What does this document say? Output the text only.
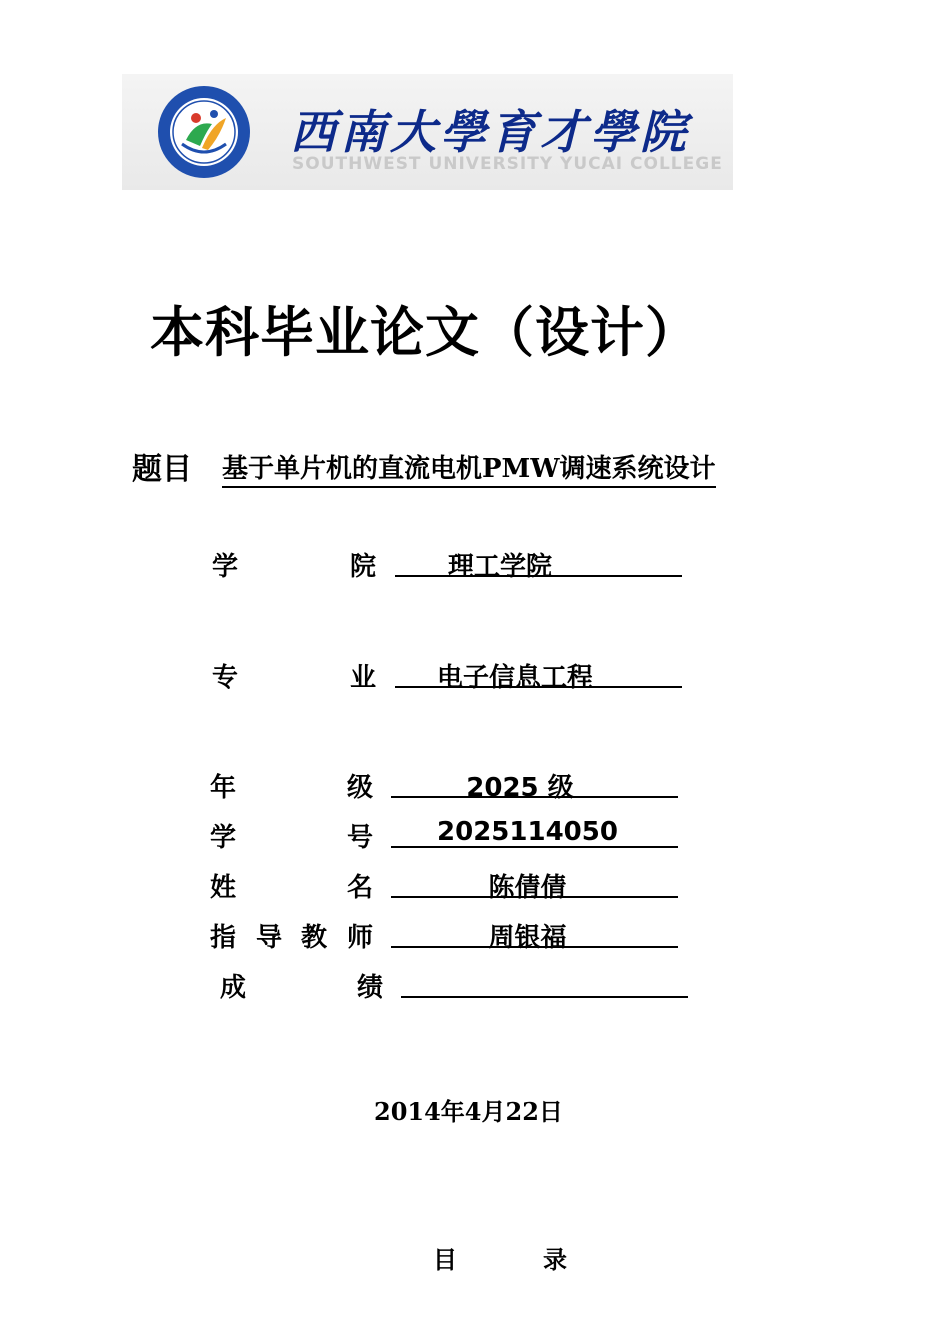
西南大學育才學院
SOUTHWEST UNIVERSITY YUCAI COLLEGE
本科毕业论文（设计）
题目 基于单片机的直流电机PMW调速系统设计
学	院	理工学院
专	业	电子信息工程
年	级	2025 级
学	号 2025114050
姓	名	陈倩倩
指 导 教 师	周银福
成	绩
2014年4月22日
目	录
